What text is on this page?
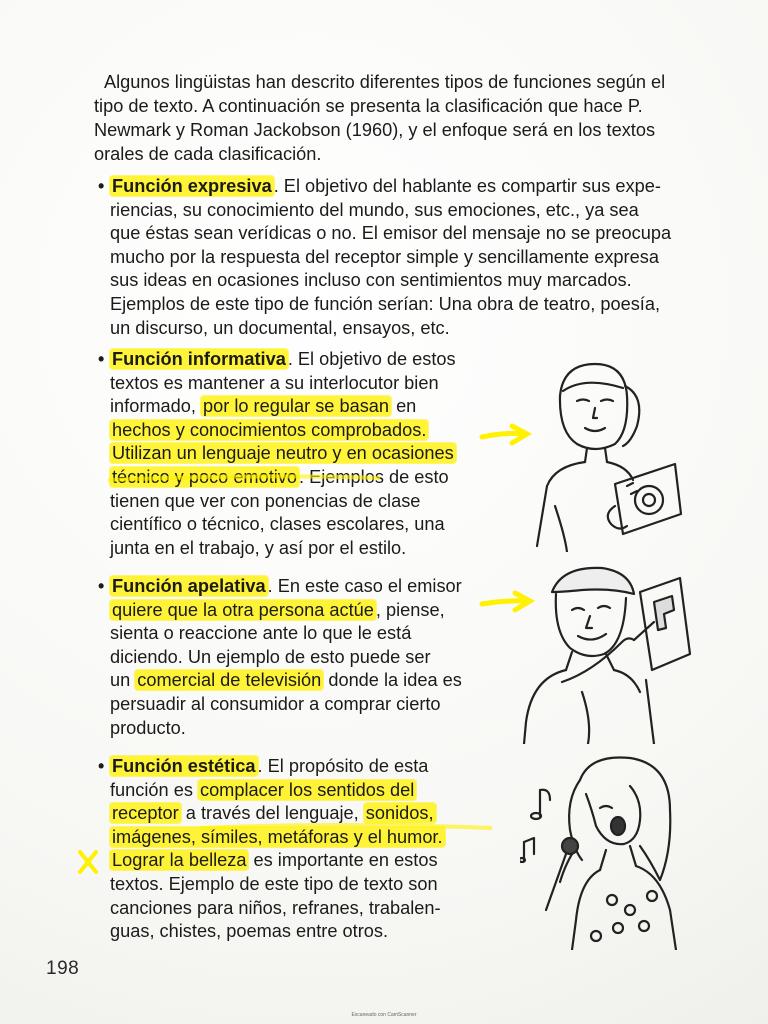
Algunos lingüistas han descrito diferentes tipos de funciones según el
tipo de texto. A continuación se presenta la clasificación que hace P.
Newmark y Roman Jackobson (1960), y el enfoque será en los textos
orales de cada clasificación.
• Función expresiva . El objetivo del hablante es compartir sus expe-
riencias, su conocimiento del mundo, sus emociones, etc., ya sea
que éstas sean verídicas o no. El emisor del mensaje no se preocupa
mucho por la respuesta del receptor simple y sencillamente expresa
sus ideas en ocasiones incluso con sentimientos muy marcados.
Ejemplos de este tipo de función serían: Una obra de teatro, poesía,
un discurso, un documental, ensayos, etc.
• Función informativa . El objetivo de estos
textos es mantener a su interlocutor bien
informado, por lo regular se basan en
hechos y conocimientos comprobados.
Utilizan un lenguaje neutro y en ocasiones
técnico y poco emotivo . Ejemplos de esto
tienen que ver con ponencias de clase
científico o técnico, clases escolares, una
junta en el trabajo, y así por el estilo.
• Función apelativa . En este caso el emisor
quiere que la otra persona actúe , piense,
sienta o reaccione ante lo que le está
diciendo. Un ejemplo de esto puede ser
un comercial de televisión donde la idea es
persuadir al consumidor a comprar cierto
producto.
• Función estética . El propósito de esta
función es complacer los sentidos del
receptor a través del lenguaje, sonidos,
imágenes, símiles, metáforas y el humor.
Lograr la belleza es importante en estos
textos. Ejemplo de este tipo de texto son
canciones para niños, refranes, trabalen-
guas, chistes, poemas entre otros.
198
Escaneado con CamScanner
